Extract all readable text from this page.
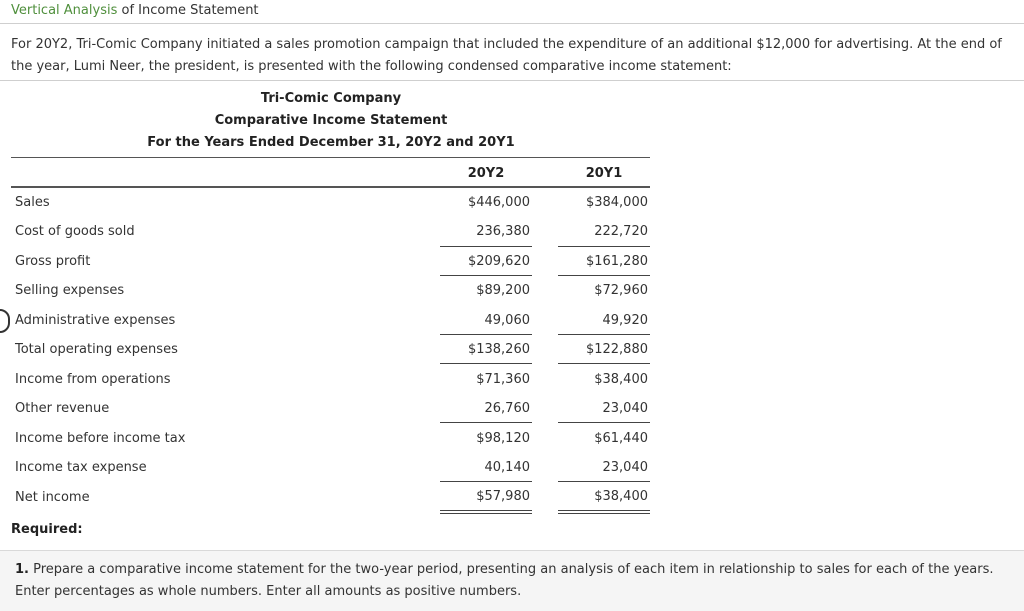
Vertical Analysis of Income Statement
For 20Y2, Tri-Comic Company initiated a sales promotion campaign that included the expenditure of an additional $12,000 for advertising. At the end of the year, Lumi Neer, the president, is presented with the following condensed comparative income statement:
Tri-Comic Company
Comparative Income Statement
For the Years Ended December 31, 20Y2 and 20Y1
20Y2	20Y1
Sales	$446,000	$384,000
Cost of goods sold	236,380	222,720
Gross profit	$209,620	$161,280
Selling expenses	$89,200	$72,960
Administrative expenses	49,060	49,920
Total operating expenses	$138,260	$122,880
Income from operations	$71,360	$38,400
Other revenue	26,760	23,040
Income before income tax	$98,120	$61,440
Income tax expense	40,140	23,040
Net income	$57,980	$38,400
Required:
1. Prepare a comparative income statement for the two-year period, presenting an analysis of each item in relationship to sales for each of the years. Enter percentages as whole numbers. Enter all amounts as positive numbers.
